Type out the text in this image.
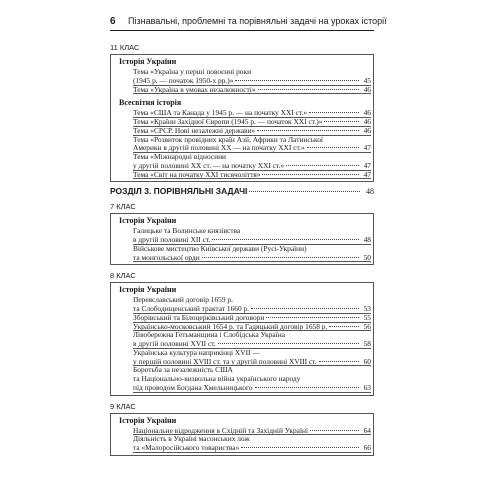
6 Пізнавальні, проблемні та порівняльні задачі на уроках історії
11 КЛАС
Історія України
Тема «Україна у перші повоєнні роки
(1945 р. — початок 1950-х рр.)»	45
Тема «Україна в умовах незалежності»	46
Всесвітня історія
Тема «США та Канада у 1945 р. — на початку XXI ст.»	46
Тема «Країни Західної Європи (1945 р. — початок XXI ст.)»	46
Тема «СРСР. Нові незалежні держави»	46
Тема «Розвиток провідних країн Азії, Африки та Латинської
Америки в другій половині XX — на початку XXI ст.»	47
Тема «Міжнародні відносини
у другій половині XX ст. — на початку XXI ст.»	47
Тема «Світ на початку XXI тисячоліття»	47
РОЗДІЛ 3. ПОРІВНЯЛЬНІ ЗАДАЧІ	48
7 КЛАС
Історія України
Галицьке та Волинське князівства
в другій половині XII ст.	48
Військове мистецтво Київської держави (Русі-України)
та монгольської орди	50
8 КЛАС
Історія України
Переяславський договір 1659 р.
та Слободищенський трактат 1660 р.	53
Зборівський та Білоцерківський договори	55
Українсько-московський 1654 р. та Гадяцький договір 1658 р.	56
Лівобережна Гетьманщина і Слобідська Україна
в другій половині XVII ст.	58
Українська культура наприкінці XVII —
у першій половині XVIII ст. та у другій половині XVIII ст.	60
Боротьба за незалежність США
та Національно-визвольна війна українського народу
під проводом Богдана Хмельницького	63
9 КЛАС
Історія України
Національне відродження в Східній та Західній Україні	64
Діяльність в Україні масонських лож
та «Малоросійського товариства»	66
